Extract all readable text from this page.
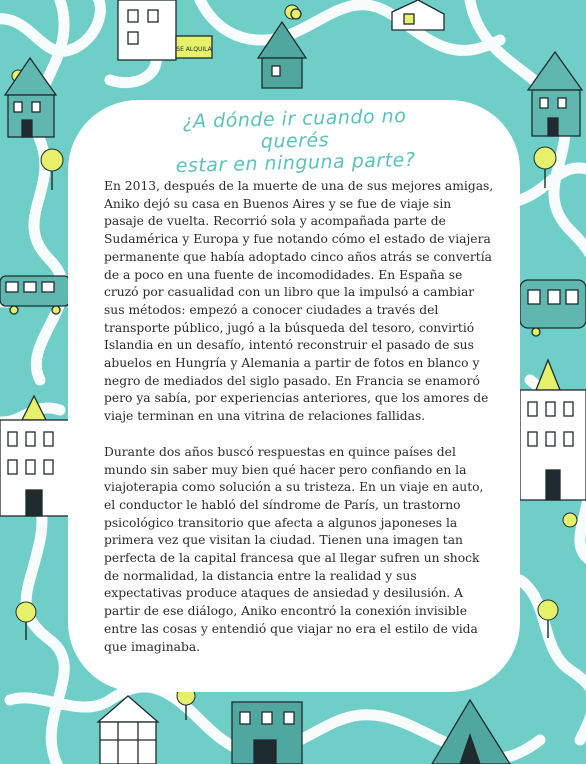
SE ALQUILA
¿A dónde ir cuando no querés
estar en ninguna parte?

En 2013, después de la muerte de una de sus mejores amigas, Aniko dejó su casa en Buenos Aires y se fue de viaje sin pasaje de vuelta. Recorrió sola y acompañada parte de Sudamérica y Europa y fue notando cómo el estado de viajera permanente que había adoptado cinco años atrás se convertía de a poco en una fuente de incomodidades. En España se cruzó por casualidad con un libro que la impulsó a cambiar sus métodos: empezó a conocer ciudades a través del transporte público, jugó a la búsqueda del tesoro, convirtió Islandia en un desafío, intentó reconstruir el pasado de sus abuelos en Hungría y Alemania a partir de fotos en blanco y negro de mediados del siglo pasado. En Francia se enamoró pero ya sabía, por experiencias anteriores, que los amores de viaje terminan en una vitrina de relaciones fallidas.

Durante dos años buscó respuestas en quince países del mundo sin saber muy bien qué hacer pero confiando en la viajoterapia como solución a su tristeza. En un viaje en auto, el conductor le habló del síndrome de París, un trastorno psicológico transitorio que afecta a algunos japoneses la primera vez que visitan la ciudad. Tienen una imagen tan perfecta de la capital francesa que al llegar sufren un shock de normalidad, la distancia entre la realidad y sus expectativas produce ataques de ansiedad y desilusión. A partir de ese diálogo, Aniko encontró la conexión invisible entre las cosas y entendió que viajar no era el estilo de vida que imaginaba.
